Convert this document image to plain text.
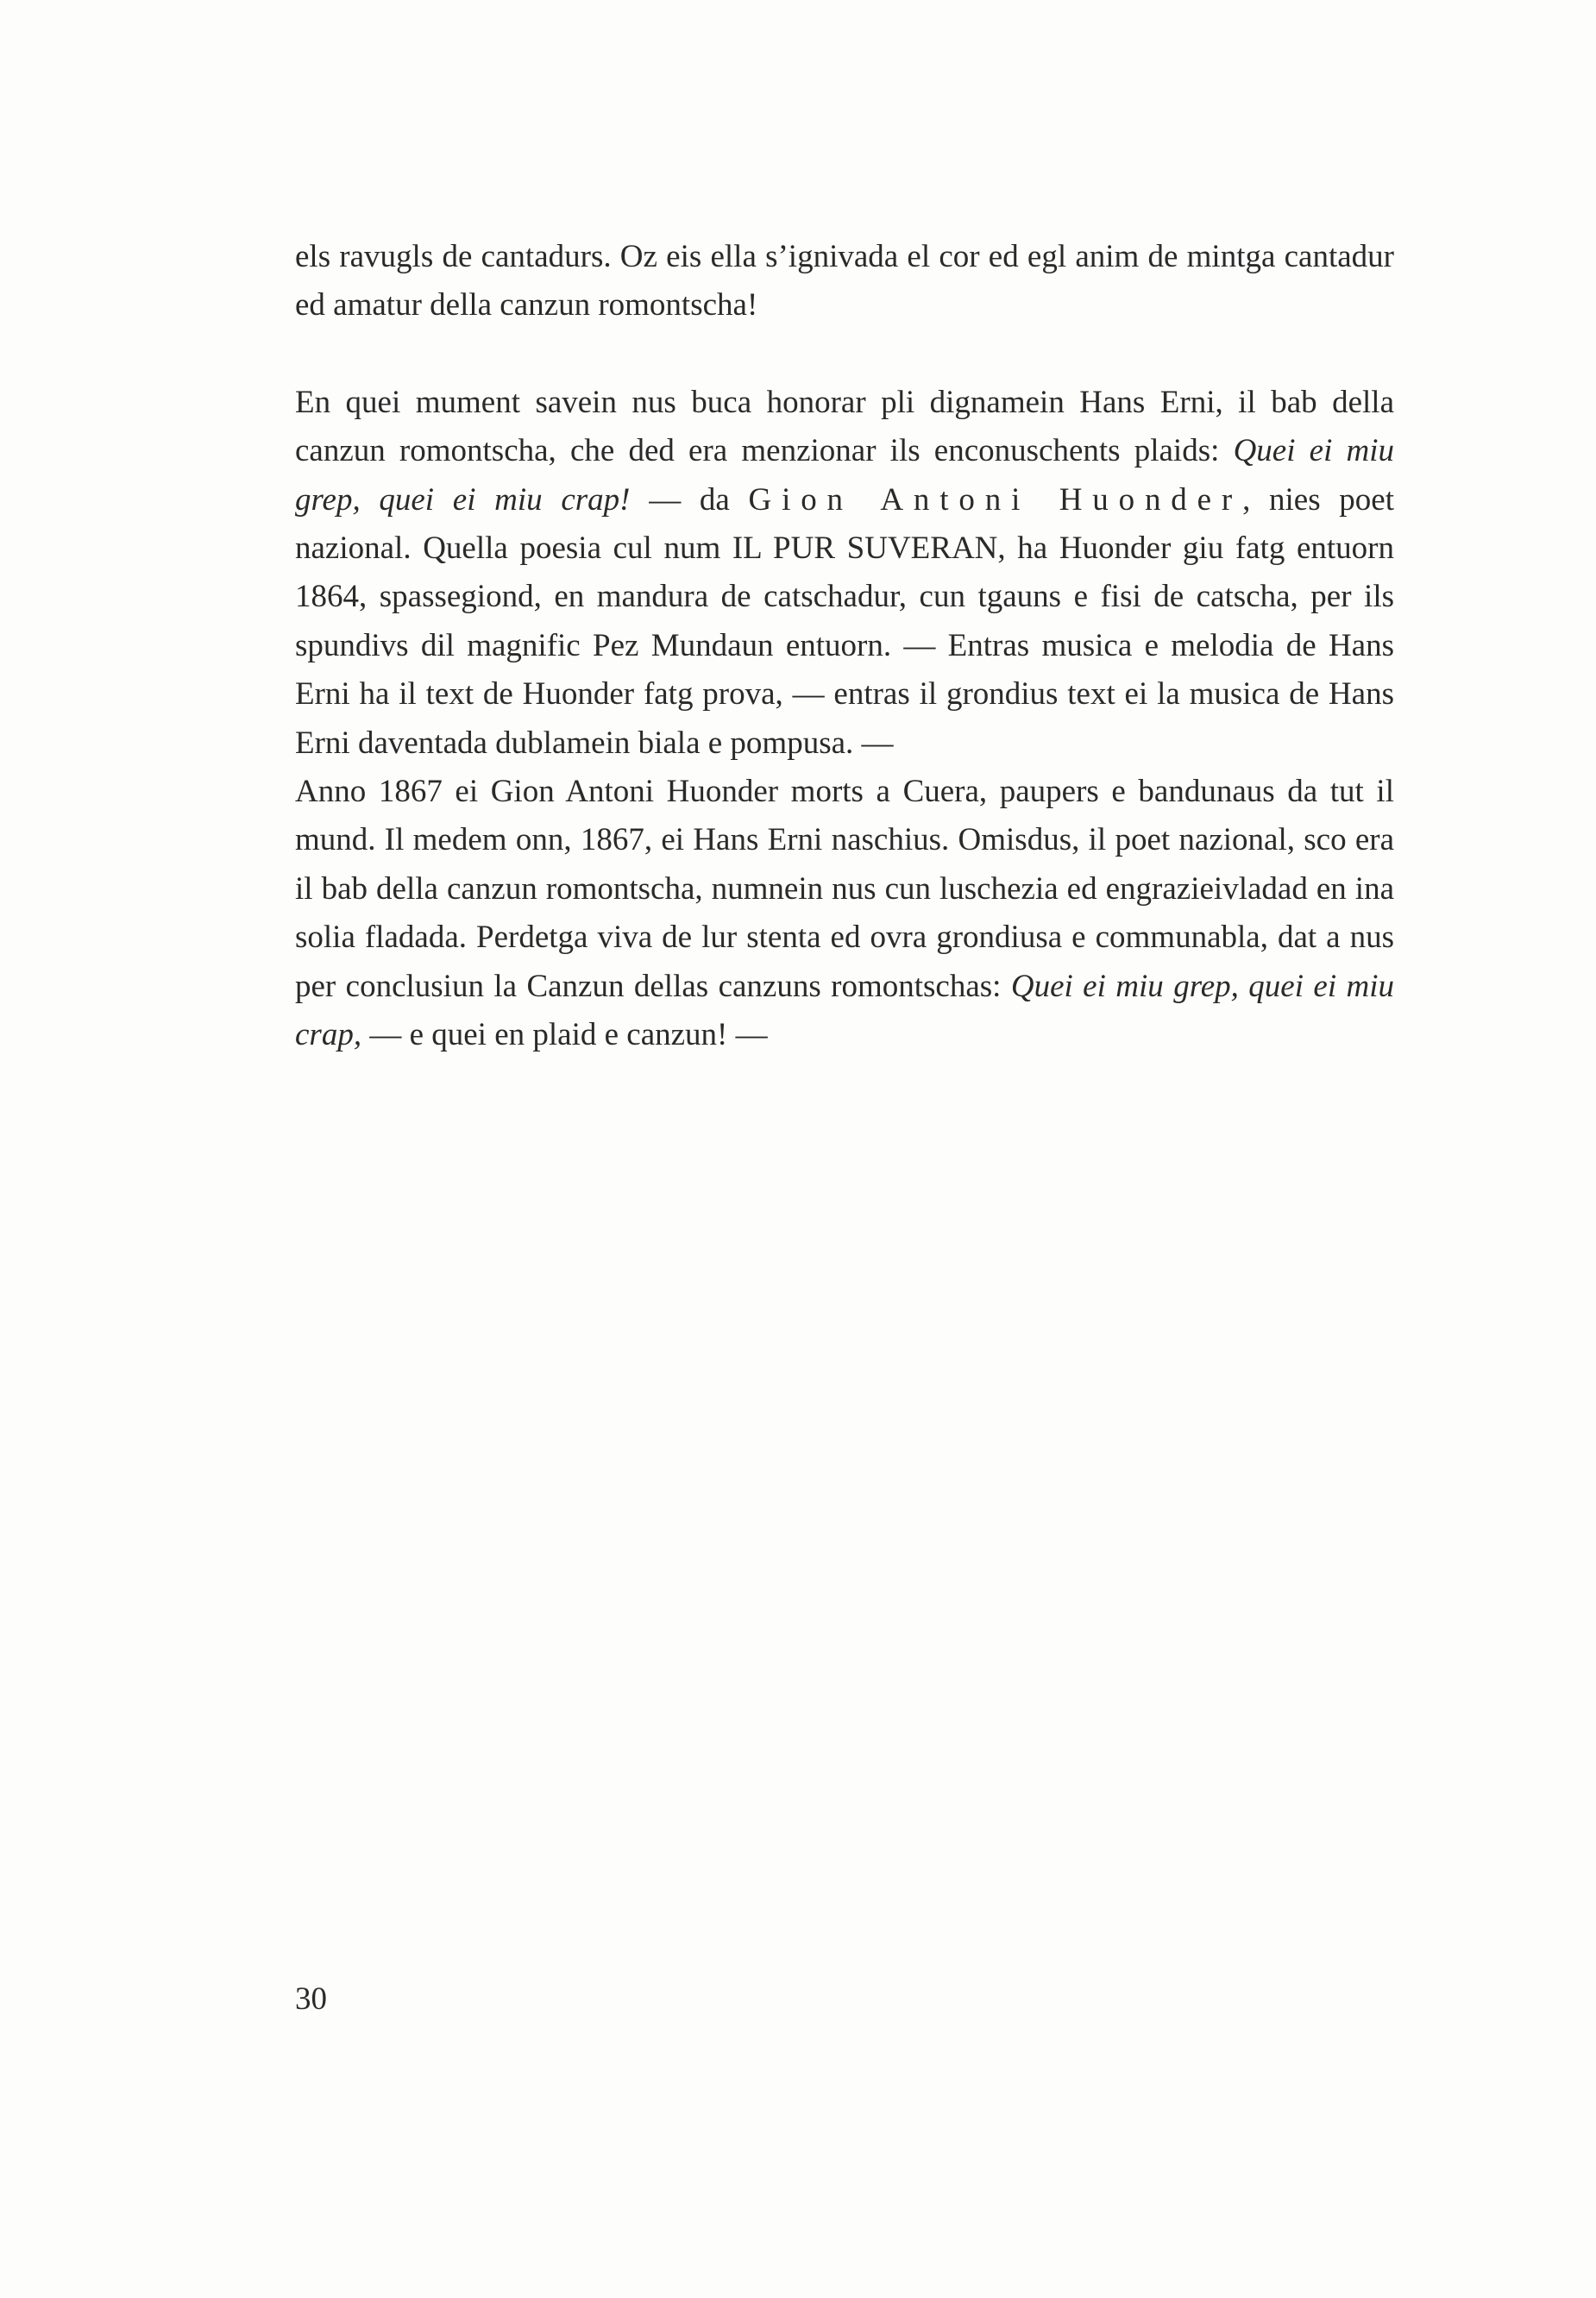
els ravugls de cantadurs. Oz eis ella s’ignivada el cor ed egl anim de mintga cantadur ed amatur della canzun romontscha!

En quei mument savein nus buca honorar pli dignamein Hans Erni, il bab della canzun romontscha, che ded era menzionar ils enconuschents plaids: Quei ei miu grep, quei ei miu crap! — da Gion Antoni Huonder, nies poet nazional. Quella poesia cul num IL PUR SUVERAN, ha Huonder giu fatg entuorn 1864, spassegiond, en mandura de catschadur, cun tgauns e fisi de catscha, per ils spundivs dil magnific Pez Mundaun entuorn. — Entras musica e melodia de Hans Erni ha il text de Huonder fatg prova, — entras il grondius text ei la musica de Hans Erni daventada dublamein biala e pompusa. —

Anno 1867 ei Gion Antoni Huonder morts a Cuera, paupers e bandunaus da tut il mund. Il medem onn, 1867, ei Hans Erni naschius. Omisdus, il poet nazional, sco era il bab della canzun romontscha, numnein nus cun luschezia ed engrazieivladad en ina solia fladada. Perdetga viva de lur stenta ed ovra grondiusa e communabla, dat a nus per conclusiun la Canzun dellas canzuns romontschas: Quei ei miu grep, quei ei miu crap, — e quei en plaid e canzun! —

30
